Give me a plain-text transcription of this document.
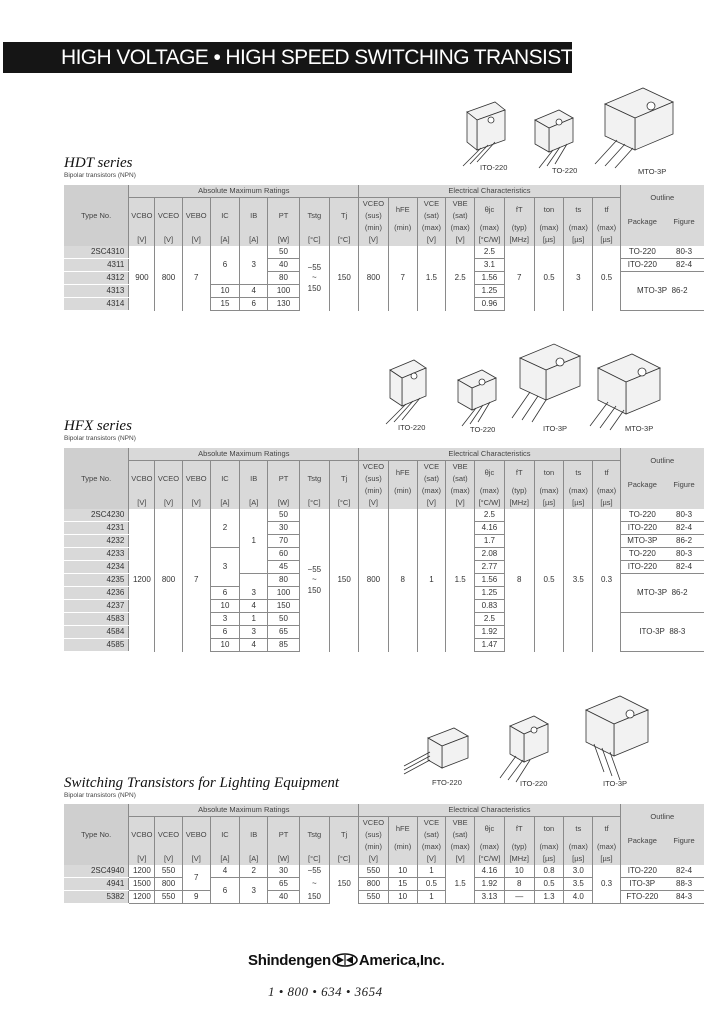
HIGH VOLTAGE • HIGH SPEED SWITCHING TRANSISTORS
ITO-220	TO-220	MTO-3P
HDT series
Bipolar transistors (NPN)
Type No.	Absolute Maximum Ratings								Electrical Characteristics									Outline	
	VCBO	VCEO	VEBO	IC	IB	PT	Tstg	Tj	VCEO	hFE	VCE	VBE	θjc	fT	ton	ts	tf		
									(sus)		(sat)	(sat)						Package	Figure
									(min)	(min)	(max)	(max)	(max)	(typ)	(max)	(max)	(max)		
	[V]	[V]	[V]	[A]	[A]	[W]	[°C]	[°C]	[V]		[V]	[V]	[°C/W]	[MHz]	[µs]	[µs]	[µs]		
2SC4310	900	800	7	6	3	50	−55	150	800	7	1.5	2.5	2.5	7	0.5	3	0.5	TO-220	80-3
4311						40							3.1					ITO-220	82-4
4312						80	~						1.56					MTO-3P 86-2	
4313				10	4	100	150						1.25						
4314				15	6	130							0.96						
ITO-220	TO-220	ITO-3P	MTO-3P
HFX series
Bipolar transistors (NPN)
Type No.	Absolute Maximum Ratings								Electrical Characteristics									Outline	
	VCBO	VCEO	VEBO	IC	IB	PT	Tstg	Tj	VCEO	hFE	VCE	VBE	θjc	fT	ton	ts	tf		
									(sus)		(sat)	(sat)						Package	Figure
									(min)	(min)	(max)	(max)	(max)	(typ)	(max)	(max)	(max)		
	[V]	[V]	[V]	[A]	[A]	[W]	[°C]	[°C]	[V]		[V]	[V]	[°C/W]	[MHz]	[µs]	[µs]	[µs]		
2SC4230	1200	800	7	2	1	50	−55	150	800	8	1	1.5	2.5	8	0.5	3.5	0.3	TO-220	80-3
4231						30							4.16					ITO-220	82-4
4232						70							1.7					MTO-3P	86-2
4233				3		60							2.08					TO-220	80-3
4234						45							2.77					ITO-220	82-4
4235						80	~						1.56					MTO-3P 86-2	
4236				6	3	100	150						1.25						
4237				10	4	150							0.83						
4583				3	1	50							2.5					ITO-3P 88-3	
4584				6	3	65							1.92						
4585				10	4	85							1.47						
FTO-220	ITO-220	ITO-3P
Switching Transistors for Lighting Equipment
Bipolar transistors (NPN)
Type No.	Absolute Maximum Ratings								Electrical Characteristics									Outline	
	VCBO	VCEO	VEBO	IC	IB	PT	Tstg	Tj	VCEO	hFE	VCE	VBE	θjc	fT	ton	ts	tf		
									(sus)		(sat)	(sat)						Package	Figure
									(min)	(min)	(max)	(max)	(max)	(typ)	(max)	(max)	(max)		
	[V]	[V]	[V]	[A]	[A]	[W]	[°C]	[°C]	[V]		[V]	[V]	[°C/W]	[MHz]	[µs]	[µs]	[µs]		
2SC4940	1200	550	7	4	2	30	−55	150	550	10	1		4.16	10	0.8	3.0		ITO-220	82-4
4941	1500	800		6	3	65	~		800	15	0.5	1.5	1.92	8	0.5	3.5	0.3	ITO-3P	88-3
5382	1200	550	9			40	150		550	10	1		3.13	—	1.3	4.0		FTO-220	84-3
Shindengen America,Inc.
1 • 800 • 634 • 3654
